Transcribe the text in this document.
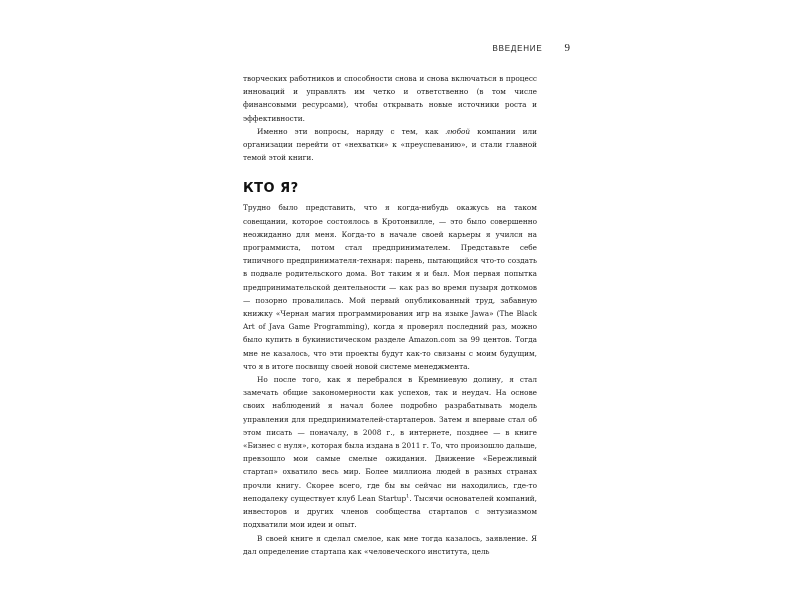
ВВЕДЕНИЕ 9

творческих работников и способности снова и снова включаться в процесс инноваций и управлять им четко и ответственно (в том числе финансовыми ресурсами), чтобы открывать новые источники роста и эффективности.

Именно эти вопросы, наряду с тем, как любой компании или организации перейти от «нехватки» к «преуспеванию», и стали главной темой этой книги.

КТО Я?

Трудно было представить, что я когда-нибудь окажусь на таком совещании, которое состоялось в Кротонвилле, — это было совершенно неожиданно для меня. Когда-то в начале своей карьеры я учился на программиста, потом стал предпринимателем. Представьте себе типичного предпринимателя-технаря: парень, пытающийся что-то создать в подвале родительского дома. Вот таким я и был. Моя первая попытка предпринимательской деятельности — как раз во время пузыря доткомов — позорно провалилась. Мой первый опубликованный труд, забавную книжку «Черная магия программирования игр на языке Jawa» (The Black Art of Java Game Programming), когда я проверял последний раз, можно было купить в букинистическом разделе Amazon.com за 99 центов. Тогда мне не казалось, что эти проекты будут как-то связаны с моим будущим, что я в итоге посвящу своей новой системе менеджмента.

Но после того, как я перебрался в Кремниевую долину, я стал замечать общие закономерности как успехов, так и неудач. На основе своих наблюдений я начал более подробно разрабатывать модель управления для предпринимателей-стартаперов. Затем я впервые стал об этом писать — поначалу, в 2008 г., в интернете, позднее — в книге «Бизнес с нуля», которая была издана в 2011 г. То, что произошло дальше, превзошло мои самые смелые ожидания. Движение «Бережливый стартап» охватило весь мир. Более миллиона людей в разных странах прочли книгу. Скорее всего, где бы вы сейчас ни находились, где-то неподалеку существует клуб Lean Startup$^1$. Тысячи основателей компаний, инвесторов и других членов сообщества стартапов с энтузиазмом подхватили мои идеи и опыт.

В своей книге я сделал смелое, как мне тогда казалось, заявление. Я дал определение стартапа как «человеческого института, цель
